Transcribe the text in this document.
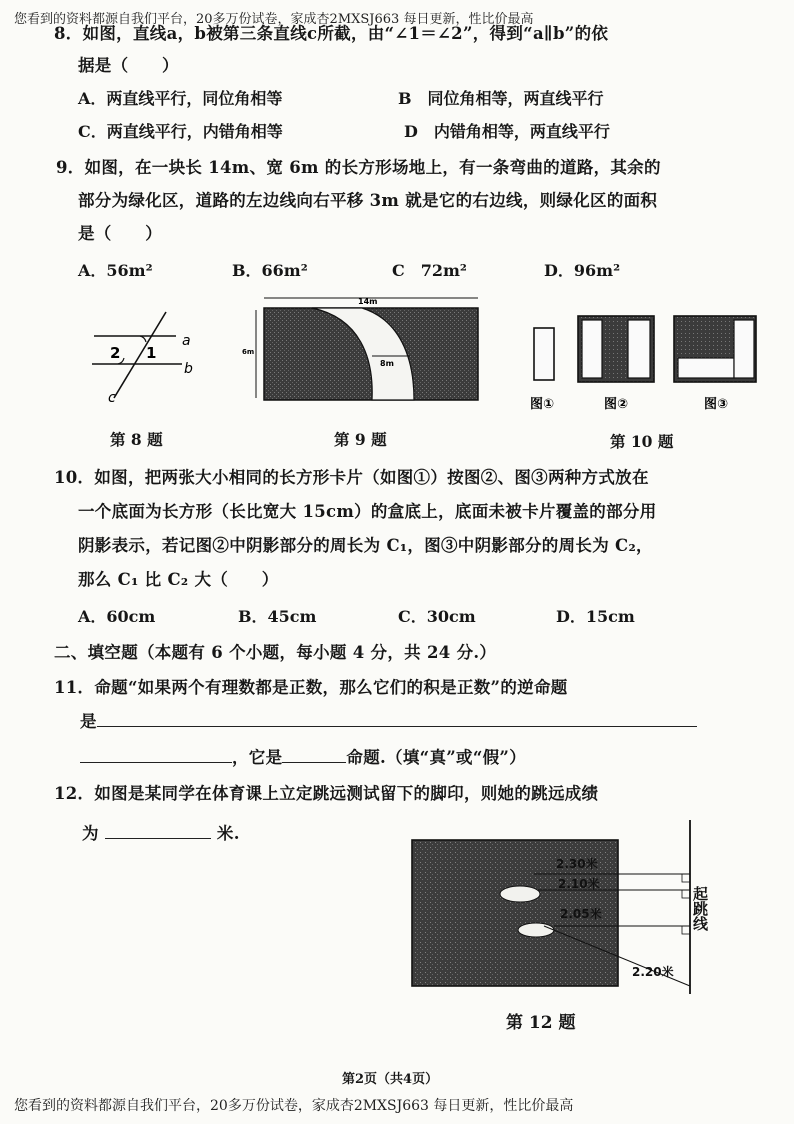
您看到的资料都源自我们平台，20多万份试卷，家成杏2MXSJ663 每日更新，性比价最高
8．如图，直线a，b被第三条直线c所截，由“∠1＝∠2”，得到“a∥b”的依
据是（　　）
A．两直线平行，同位角相等	B　同位角相等，两直线平行
C．两直线平行，内错角相等	D　内错角相等，两直线平行
9．如图，在一块长 14m、宽 6m 的长方形场地上，有一条弯曲的道路，其余的
部分为绿化区，道路的左边线向右平移 3m 就是它的右边线，则绿化区的面积
是（　　）
A．56m²	B．66m²	C　72m²	D．96m²
a
b
c
1
2
第 8 题
14m
6m
8m
第 9 题
图①	图②	图③
第 10 题
10．如图，把两张大小相同的长方形卡片（如图①）按图②、图③两种方式放在
一个底面为长方形（长比宽大 15cm）的盒底上，底面未被卡片覆盖的部分用
阴影表示，若记图②中阴影部分的周长为 C₁，图③中阴影部分的周长为 C₂，
那么 C₁ 比 C₂ 大（　　）
A．60cm	B．45cm	C．30cm	D．15cm
二、填空题（本题有 6 个小题，每小题 4 分，共 24 分.）
11．命题“如果两个有理数都是正数，那么它们的积是正数”的逆命题
是
，它是	命题.（填“真”或“假”）
12．如图是某同学在体育课上立定跳远测试留下的脚印，则她的跳远成绩
为	米.
2.30米
2.10米
2.05米
2.20米
起跳线
第 12 题
第2页（共4页）
您看到的资料都源自我们平台，20多万份试卷，家成杏2MXSJ663 每日更新，性比价最高
